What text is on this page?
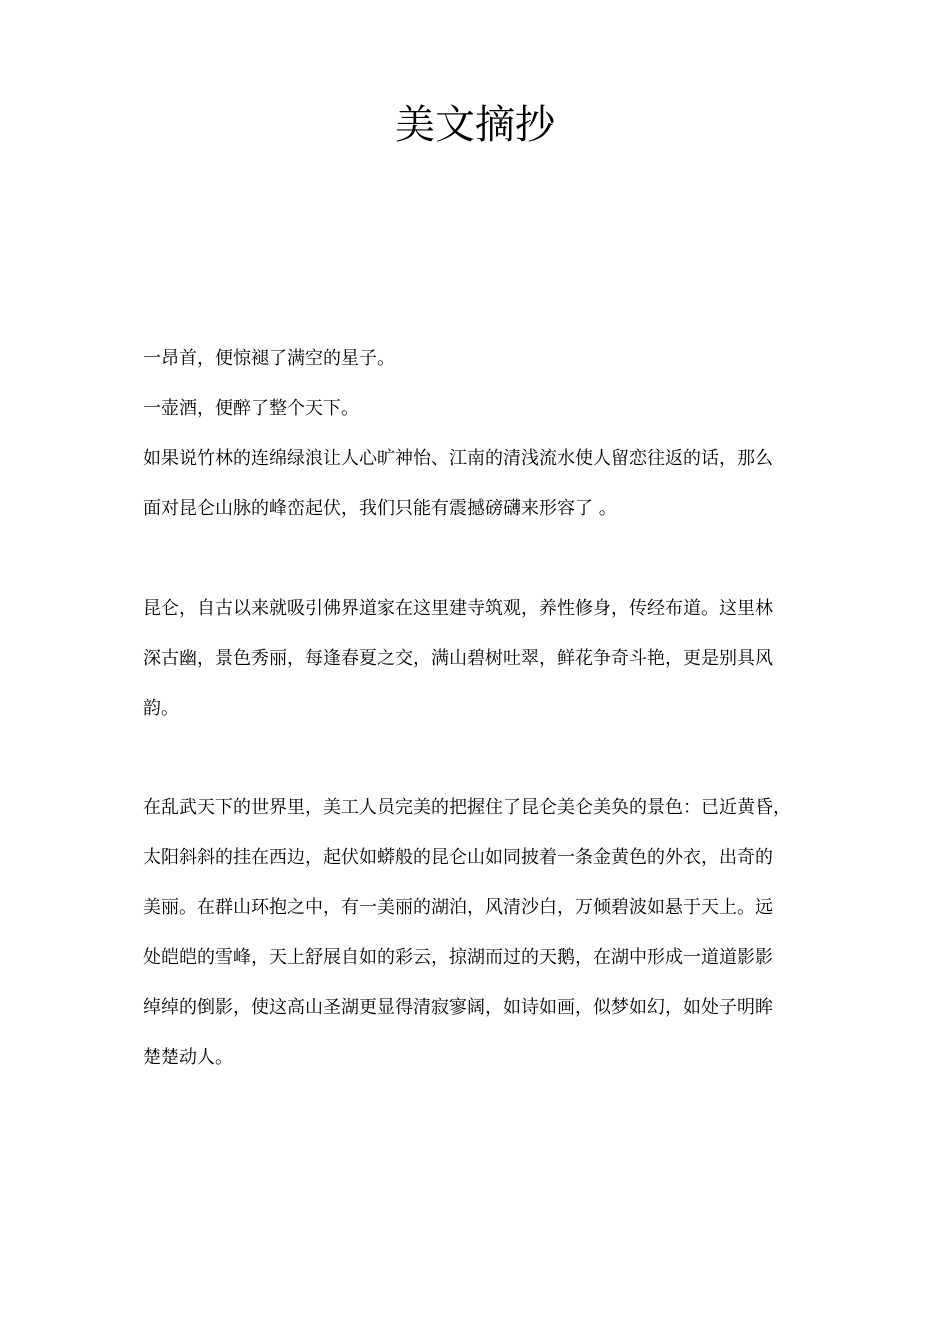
美文摘抄
一昂首，便惊褪了满空的星子。
一壶酒，便醉了整个天下。
如果说竹林的连绵绿浪让人心旷神怡、江南的清浅流水使人留恋往返的话，那么
面对昆仑山脉的峰峦起伏，我们只能有震撼磅礴来形容了 。
昆仑，自古以来就吸引佛界道家在这里建寺筑观，养性修身，传经布道。这里林
深古幽，景色秀丽，每逢春夏之交，满山碧树吐翠，鲜花争奇斗艳，更是别具风
韵。
在乱武天下的世界里，美工人员完美的把握住了昆仑美仑美奂的景色：已近黄昏，
太阳斜斜的挂在西边，起伏如蟒般的昆仑山如同披着一条金黄色的外衣，出奇的
美丽。在群山环抱之中，有一美丽的湖泊，风清沙白，万倾碧波如悬于天上。远
处皑皑的雪峰，天上舒展自如的彩云，掠湖而过的天鹅，在湖中形成一道道影影
绰绰的倒影，使这高山圣湖更显得清寂寥阔，如诗如画，似梦如幻，如处子明眸
楚楚动人。
